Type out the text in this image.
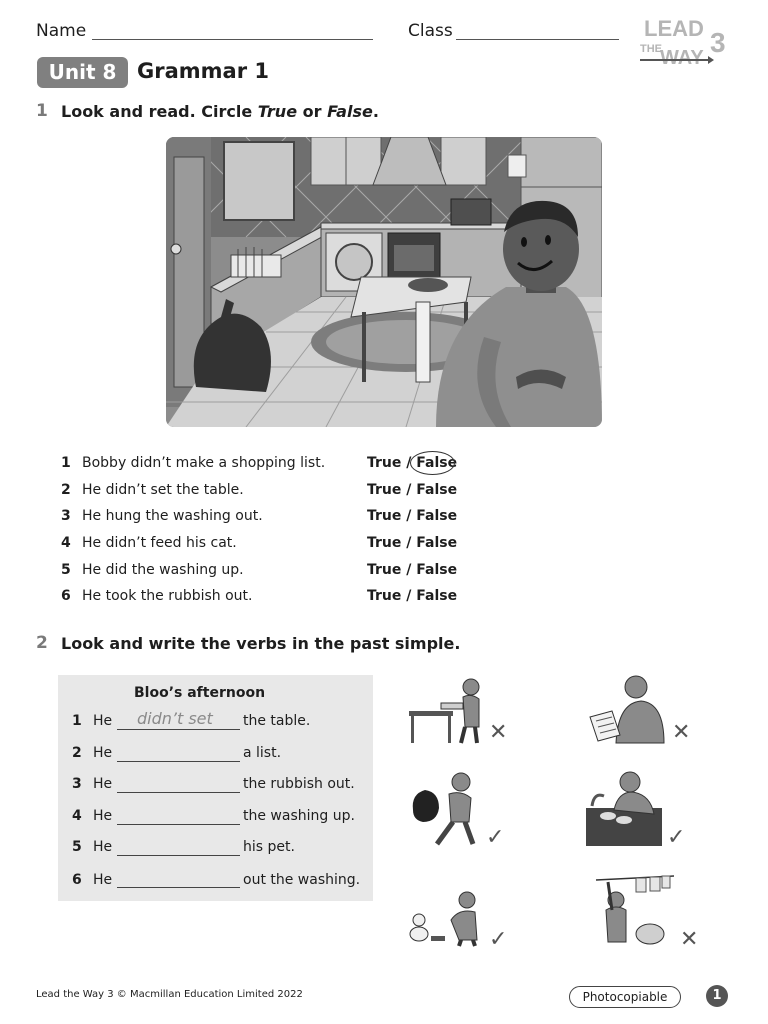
Name	Class	LEAD
THE
WAY 3
Unit 8 Grammar 1
1 Look and read. Circle True or False.
1 Bobby didn’t make a shopping list.	True / False
2 He didn’t set the table.	True / False
3 He hung the washing out.	True / False
4 He didn’t feed his cat.	True / False
5 He did the washing up.	True / False
6 He took the rubbish out.	True / False
2 Look and write the verbs in the past simple.
Bloo’s afternoon
1 He didn’t set the table.
2 He	a list.
3 He	the rubbish out.
4 He	the washing up.
5 He	his pet.
6 He	out the washing.
✕	✕
✓	✓
✓	✕
Lead the Way 3 © Macmillan Education Limited 2022	Photocopiable	1
